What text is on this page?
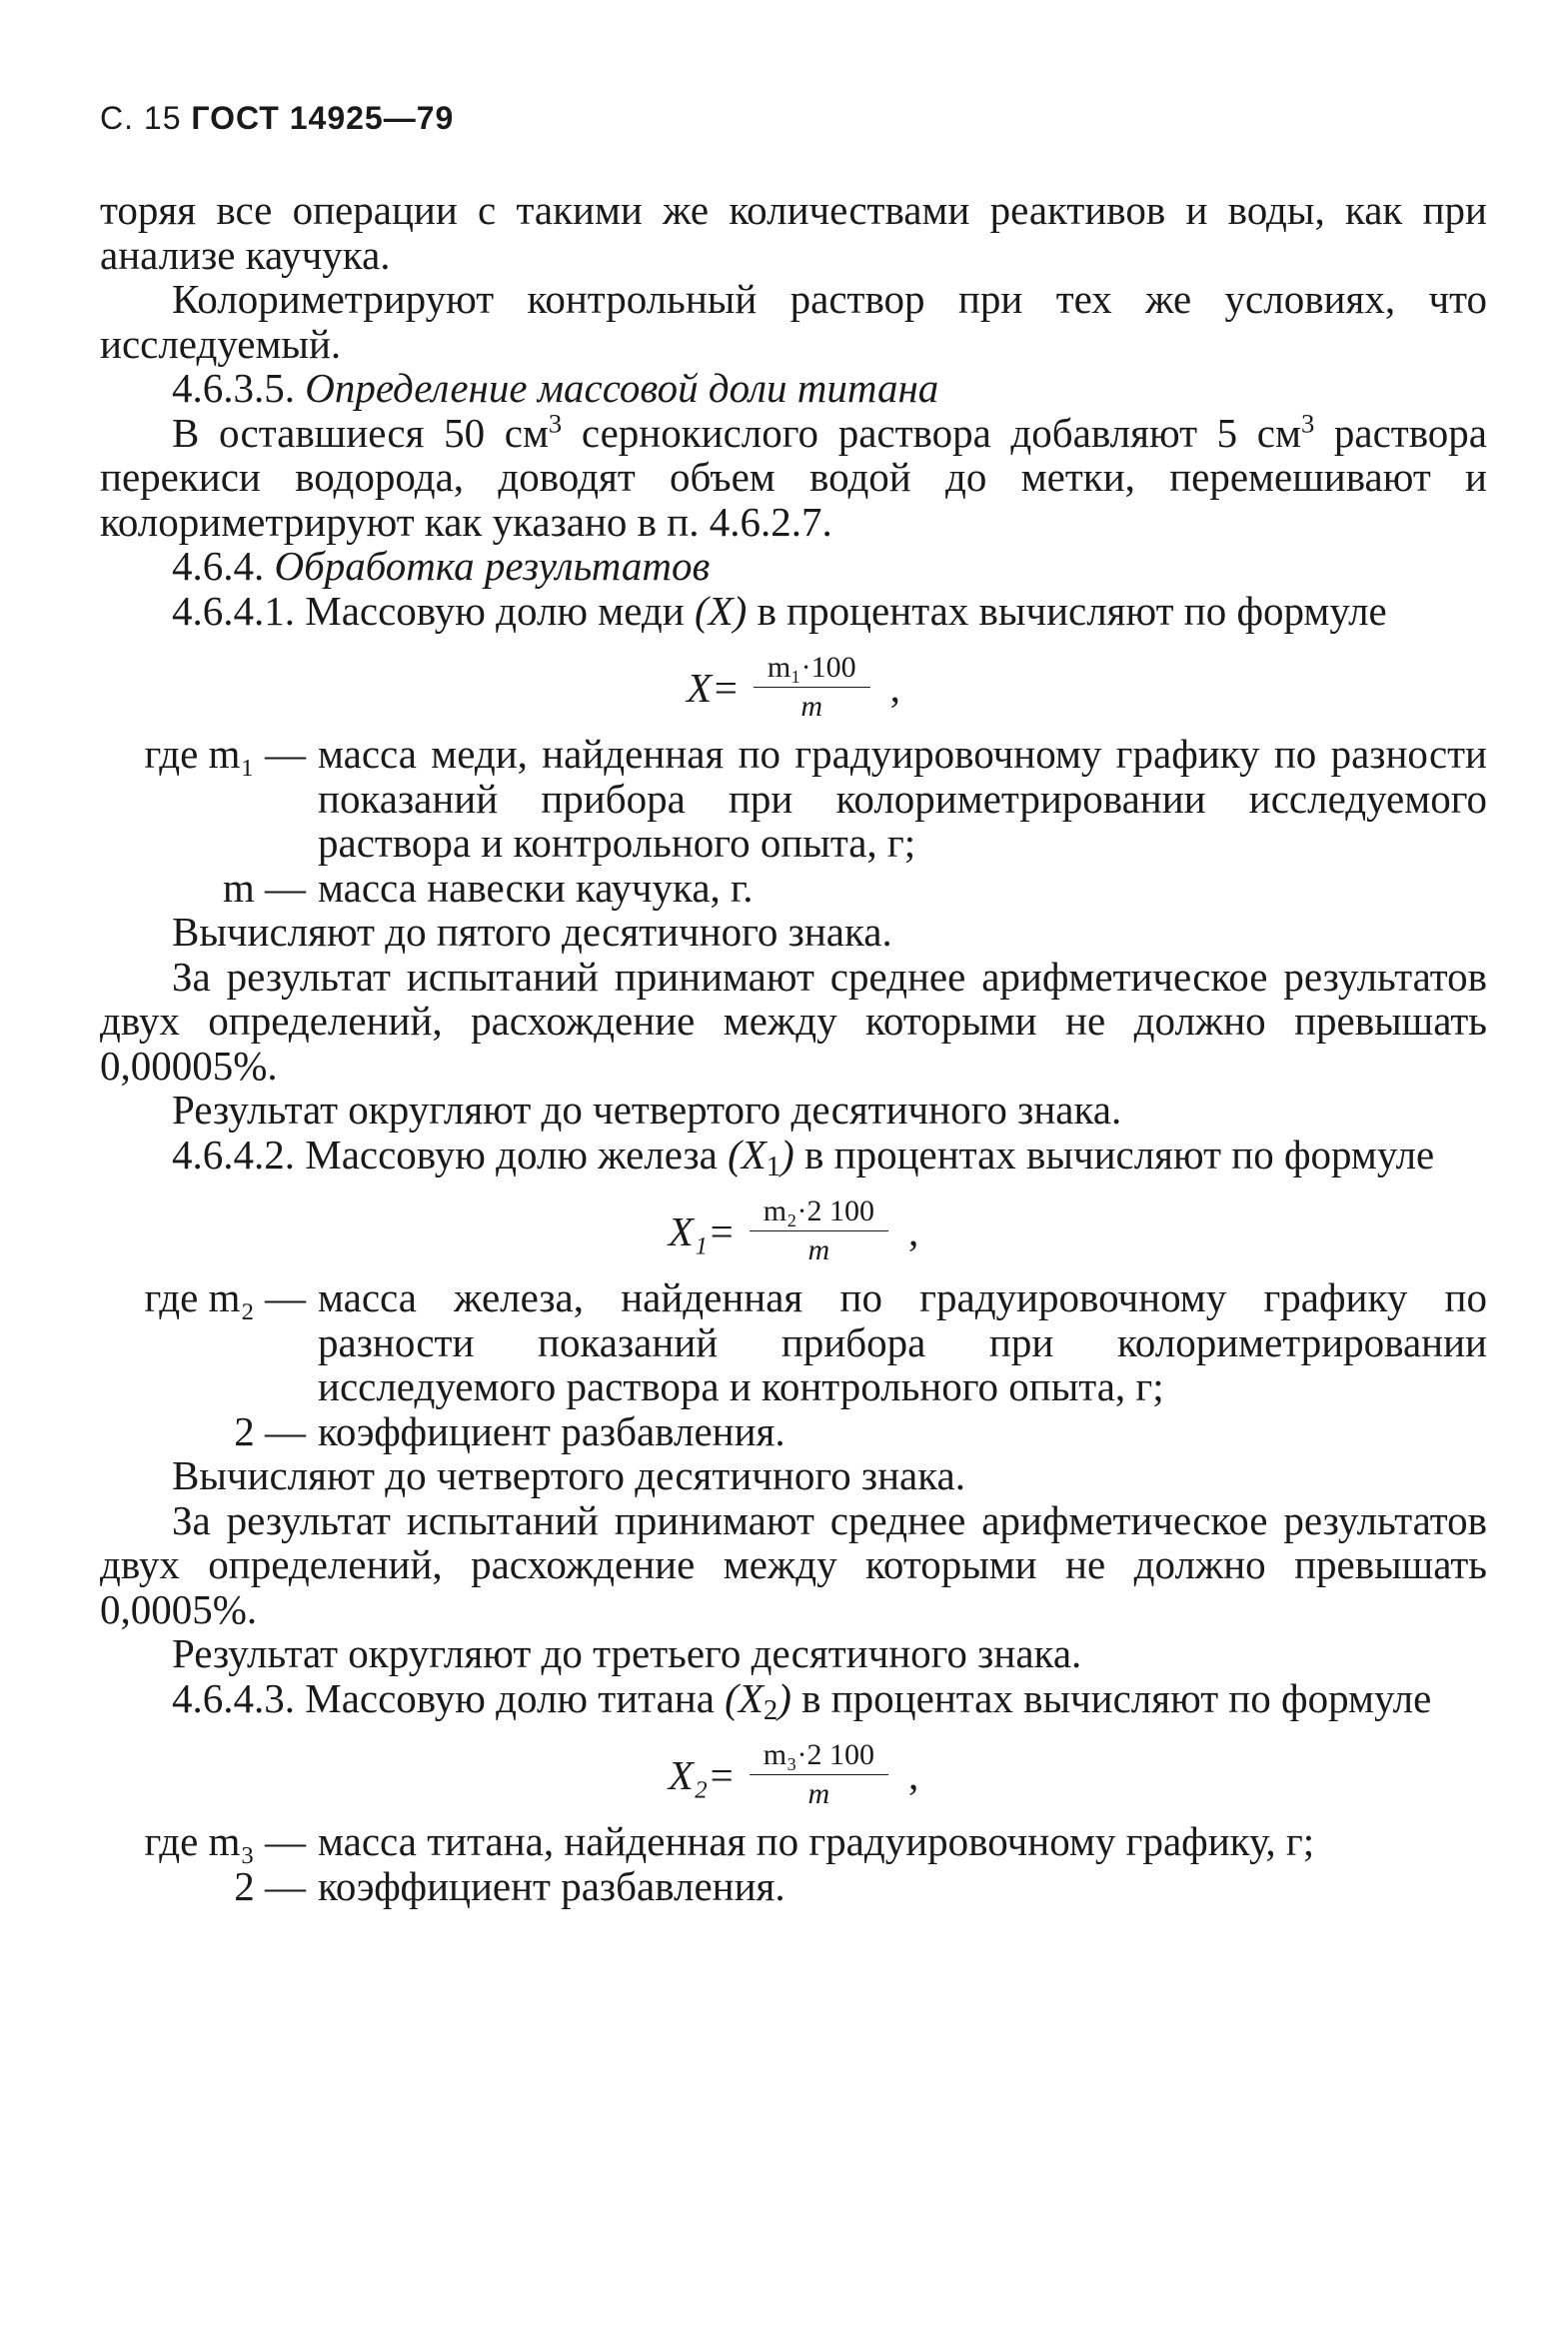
С. 15 ГОСТ 14925—79

торяя все операции с такими же количествами реактивов и воды, как при анализе каучука.

Колориметрируют контрольный раствор при тех же условиях, что исследуемый.

4.6.3.5. Определение массовой доли титана

В оставшиеся 50 $см^3$ сернокислого раствора добавляют 5 $см^3$ раствора перекиси водорода, доводят объем водой до метки, перемешивают и колориметрируют как указано в п. 4.6.2.7.

4.6.4. Обработка результатов

4.6.4.1. Массовую долю меди (X) в процентах вычисляют по формуле

$X= \frac{\text{m₁·100}}{m}$ ,
где m₁ — масса меди, найденная по градуировочному графику по разности показаний прибора при колориметрировании исследуемого раствора и контрольного опыта, г;
m — масса навески каучука, г.

Вычисляют до пятого десятичного знака.

За результат испытаний принимают среднее арифметическое результатов двух определений, расхождение между которыми не должно превышать 0,00005%.

Результат округляют до четвертого десятичного знака.

4.6.4.2. Массовую долю железа $(X_1)$ в процентах вычисляют по формуле

$X_1= \frac{\text{m₂·2 100}}{m}$ ,
где m₂ — масса железа, найденная по градуировочному графику по разности показаний прибора при колориметрировании исследуемого раствора и контрольного опыта, г;
2 — коэффициент разбавления.

Вычисляют до четвертого десятичного знака.

За результат испытаний принимают среднее арифметическое результатов двух определений, расхождение между которыми не должно превышать 0,0005%.

Результат округляют до третьего десятичного знака.

4.6.4.3. Массовую долю титана $(X_2)$ в процентах вычисляют по формуле

$X_2= \frac{\text{m₃·2 100}}{m}$ ,
где m₃ — масса титана, найденная по градуировочному графику, г;
2 — коэффициент разбавления.
